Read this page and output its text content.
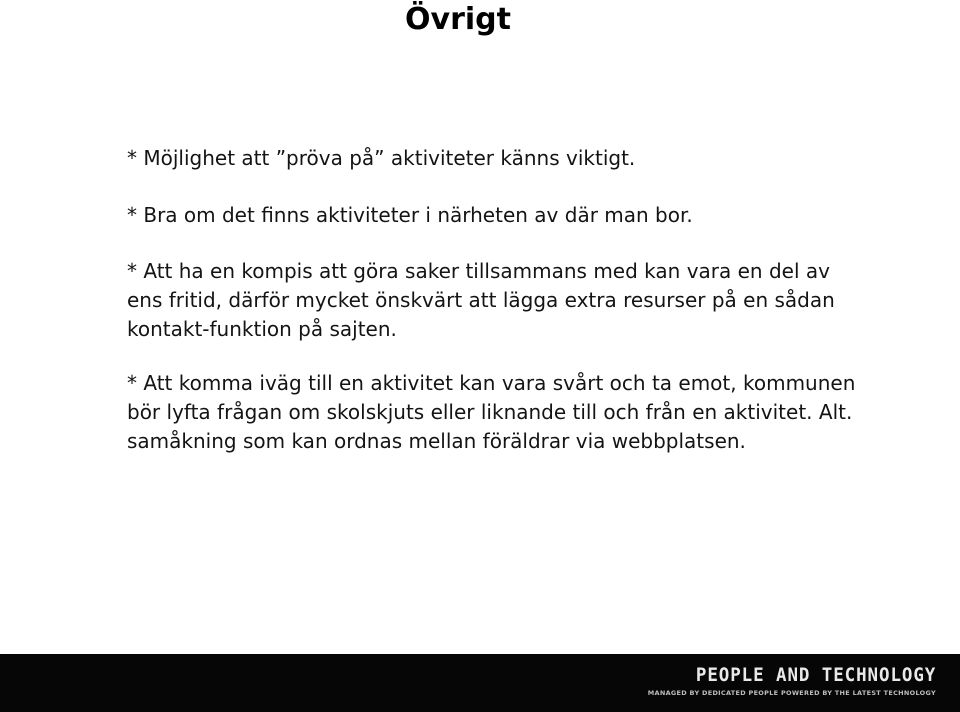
Övrigt

* Möjlighet att ”pröva på” aktiviteter känns viktigt.

* Bra om det finns aktiviteter i närheten av där man bor.

* Att ha en kompis att göra saker tillsammans med kan vara en del av ens fritid, därför mycket önskvärt att lägga extra resurser på en sådan kontakt-funktion på sajten.

* Att komma iväg till en aktivitet kan vara svårt och ta emot, kommunen bör lyfta frågan om skolskjuts eller liknande till och från en aktivitet. Alt. samåkning som kan ordnas mellan föräldrar via webbplatsen.

PEOPLE AND TECHNOLOGY
MANAGED BY DEDICATED PEOPLE POWERED BY THE LATEST TECHNOLOGY
